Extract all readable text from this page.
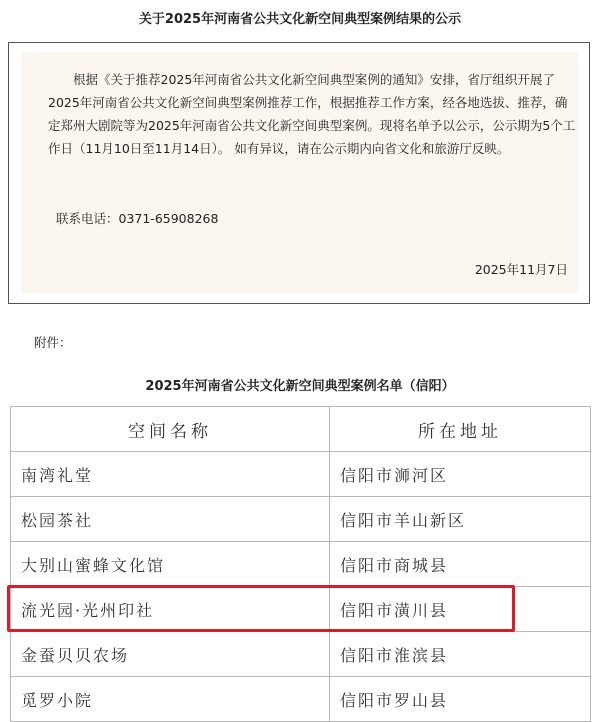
关于2025年河南省公共文化新空间典型案例结果的公示

根据《关于推荐2025年河南省公共文化新空间典型案例的通知》安排，省厅组织开展了2025年河南省公共文化新空间典型案例推荐工作，根据推荐工作方案，经各地选拔、推荐，确定郑州大剧院等为2025年河南省公共文化新空间典型案例。现将名单予以公示，公示期为5个工作日（11月10日至11月14日）。 如有异议，请在公示期内向省文化和旅游厅反映。

联系电话：0371-65908268
2025年11月7日
附件：
2025年河南省公共文化新空间典型案例名单（信阳）
空间名称	所在地址
南湾礼堂	信阳市浉河区
松园茶社	信阳市羊山新区
大别山蜜蜂文化馆	信阳市商城县
流光园·光州印社	信阳市潢川县
金蚕贝贝农场	信阳市淮滨县
觅罗小院	信阳市罗山县
